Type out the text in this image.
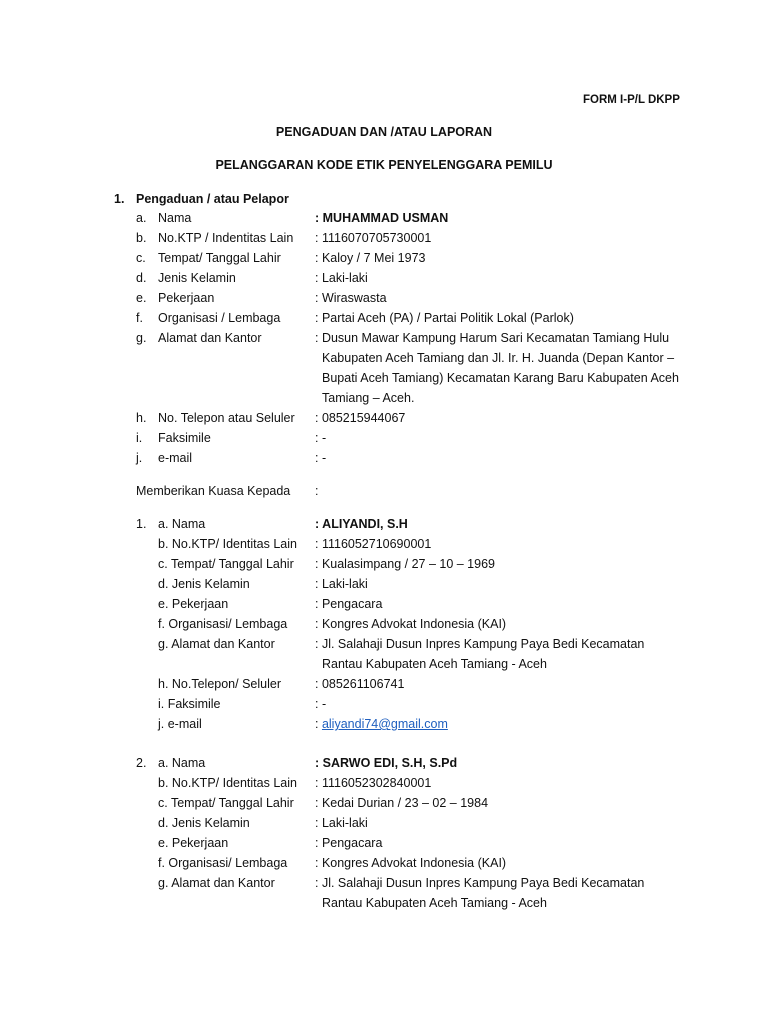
FORM I-P/L DKPP
PENGADUAN DAN /ATAU LAPORAN
PELANGGARAN KODE ETIK PENYELENGGARA PEMILU
1. Pengaduan / atau Pelapor
a. Nama	: MUHAMMAD USMAN
b. No.KTP / Indentitas Lain : 1116070705730001
c. Tempat/ Tanggal Lahir	: Kaloy / 7 Mei 1973
d. Jenis Kelamin	: Laki-laki
e. Pekerjaan	: Wiraswasta
f. Organisasi / Lembaga	: Partai Aceh (PA) / Partai Politik Lokal (Parlok)
g. Alamat dan Kantor	: Dusun Mawar Kampung Harum Sari Kecamatan Tamiang Hulu
Kabupaten Aceh Tamiang dan Jl. Ir. H. Juanda (Depan Kantor –
Bupati Aceh Tamiang) Kecamatan Karang Baru Kabupaten Aceh
Tamiang – Aceh.
h. No. Telepon atau Seluler : 085215944067
i. Faksimile	: -
j. e-mail	: -
Memberikan Kuasa Kepada :
1. a. Nama	: ALIYANDI, S.H
b. No.KTP/ Identitas Lain : 1116052710690001
c. Tempat/ Tanggal Lahir : Kualasimpang / 27 – 10 – 1969
d. Jenis Kelamin	: Laki-laki
e. Pekerjaan	: Pengacara
f. Organisasi/ Lembaga : Kongres Advokat Indonesia (KAI)
g. Alamat dan Kantor	: Jl. Salahaji Dusun Inpres Kampung Paya Bedi Kecamatan
Rantau Kabupaten Aceh Tamiang - Aceh
h. No.Telepon/ Seluler	: 085261106741
i. Faksimile	: -
j. e-mail	: aliyandi74@gmail.com
2. a. Nama	: SARWO EDI, S.H, S.Pd
b. No.KTP/ Identitas Lain : 1116052302840001
c. Tempat/ Tanggal Lahir : Kedai Durian / 23 – 02 – 1984
d. Jenis Kelamin	: Laki-laki
e. Pekerjaan	: Pengacara
f. Organisasi/ Lembaga : Kongres Advokat Indonesia (KAI)
g. Alamat dan Kantor	: Jl. Salahaji Dusun Inpres Kampung Paya Bedi Kecamatan
Rantau Kabupaten Aceh Tamiang - Aceh
